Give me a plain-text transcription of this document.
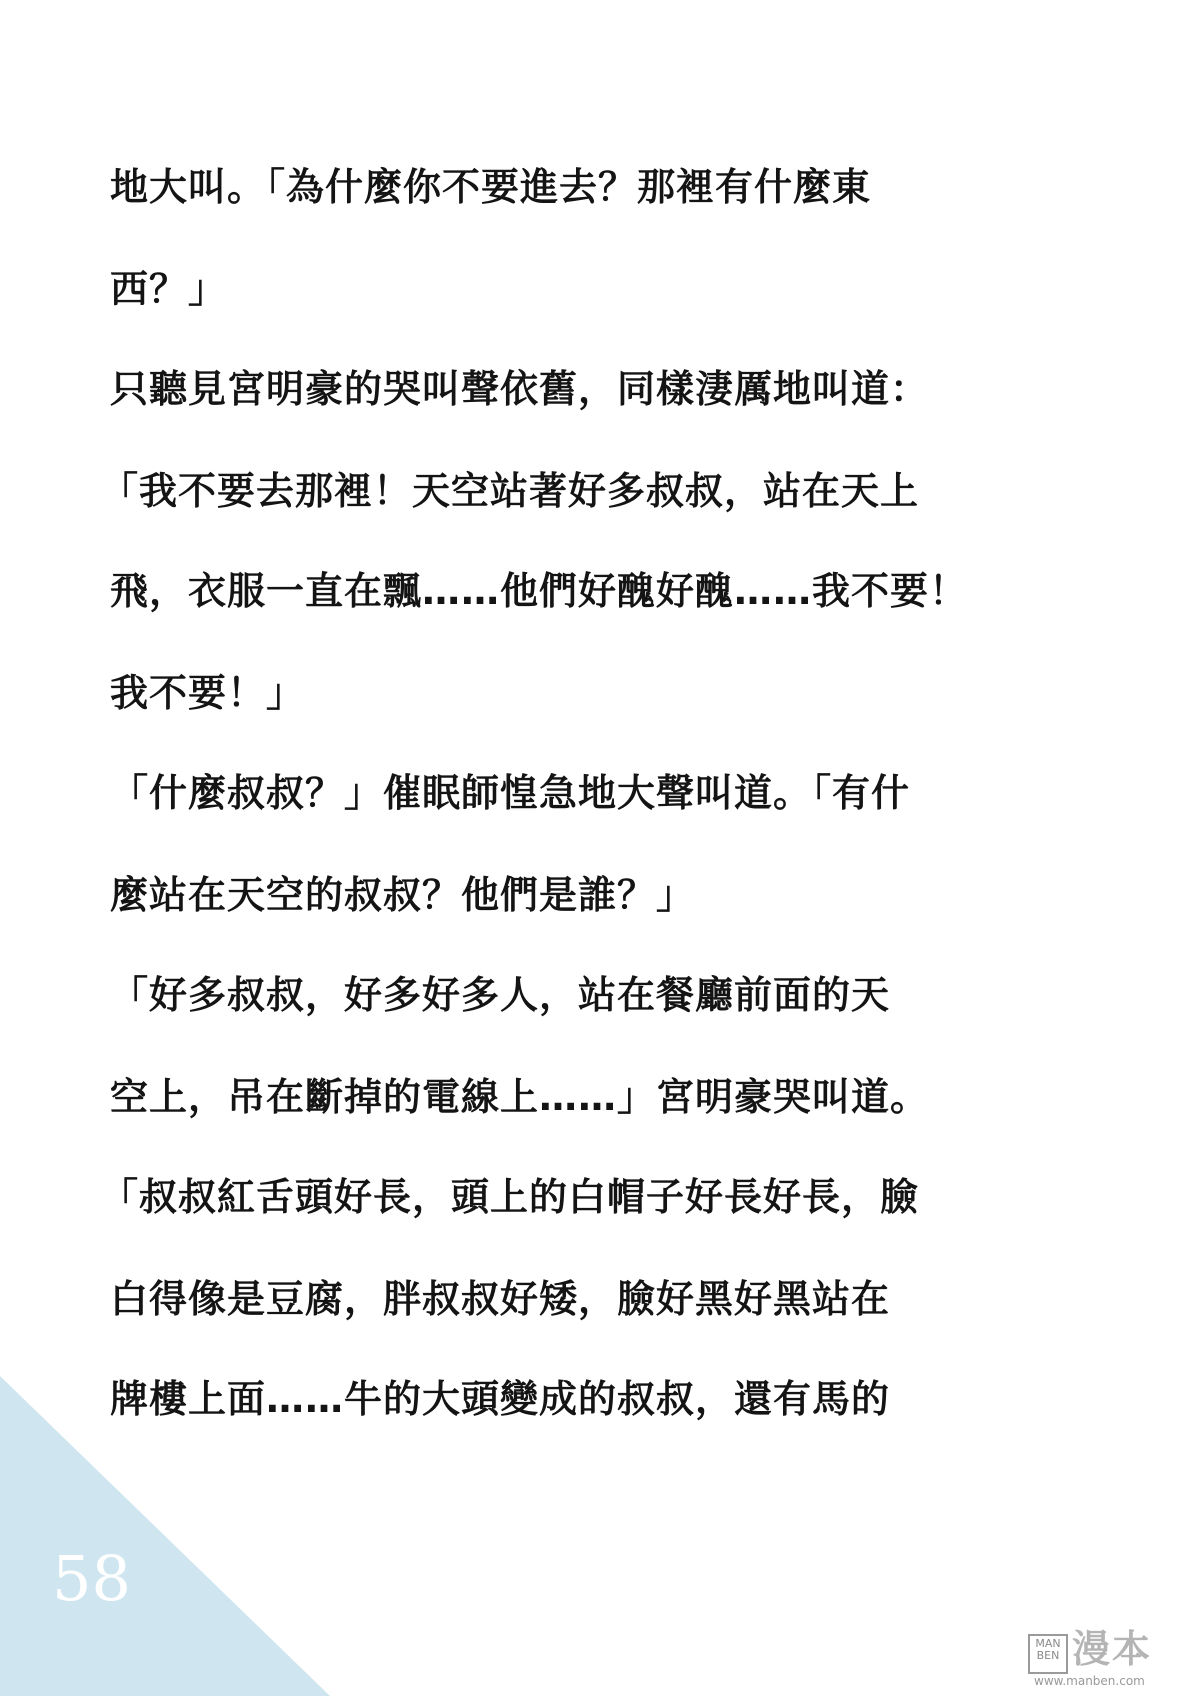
地大叫。「為什麼你不要進去？那裡有什麼東
西？」
只聽見宮明豪的哭叫聲依舊，同樣淒厲地叫道：
「我不要去那裡！天空站著好多叔叔，站在天上
飛，衣服一直在飄……他們好醜好醜……我不要！
我不要！」
「什麼叔叔？」催眠師惶急地大聲叫道。「有什
麼站在天空的叔叔？他們是誰？」
「好多叔叔，好多好多人，站在餐廳前面的天
空上，吊在斷掉的電線上……」宮明豪哭叫道。
「叔叔紅舌頭好長，頭上的白帽子好長好長，臉
白得像是豆腐，胖叔叔好矮，臉好黑好黑站在
牌樓上面……牛的大頭變成的叔叔，還有馬的
58
MAN BEN 漫本
www.manben.com
